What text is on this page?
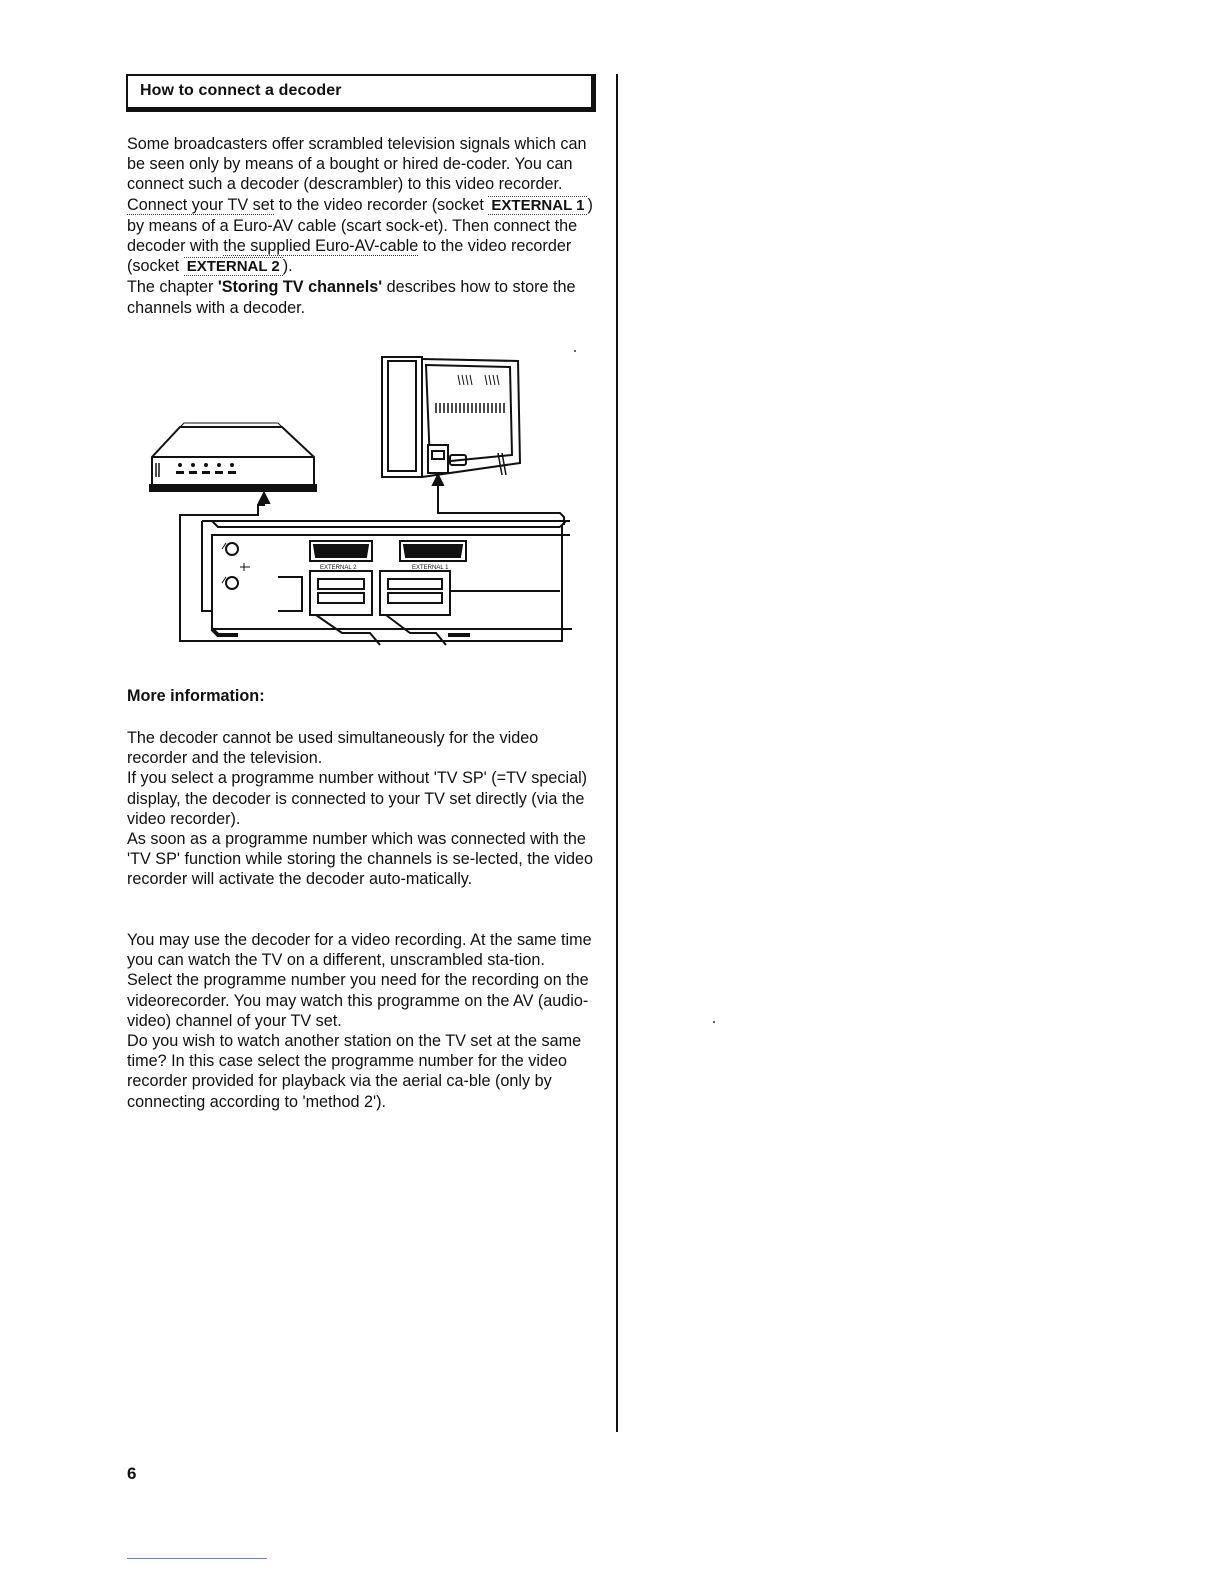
How to connect a decoder

Some broadcasters offer scrambled television signals which can be seen only by means of a bought or hired de-coder. You can connect such a decoder (descrambler) to this video recorder.
Connect your TV set to the video recorder (socket EXTERNAL 1 ) by means of a Euro-AV cable (scart sock-et). Then connect the decoder with the supplied Euro-AV-cable to the video recorder (socket EXTERNAL 2 ).
The chapter 'Storing TV channels' describes how to store the channels with a decoder.

EXTERNAL 2	EXTERNAL 1

More information:

The decoder cannot be used simultaneously for the video recorder and the television.
If you select a programme number without 'TV SP' (=TV special) display, the decoder is connected to your TV set directly (via the video recorder).
As soon as a programme number which was connected with the 'TV SP' function while storing the channels is se-lected, the video recorder will activate the decoder auto-matically.

You may use the decoder for a video recording. At the same time you can watch the TV on a different, unscrambled sta-tion.
Select the programme number you need for the recording on the videorecorder. You may watch this programme on the AV (audio-video) channel of your TV set.
Do you wish to watch another station on the TV set at the same time? In this case select the programme number for the video recorder provided for playback via the aerial ca-ble (only by connecting according to 'method 2').

6
